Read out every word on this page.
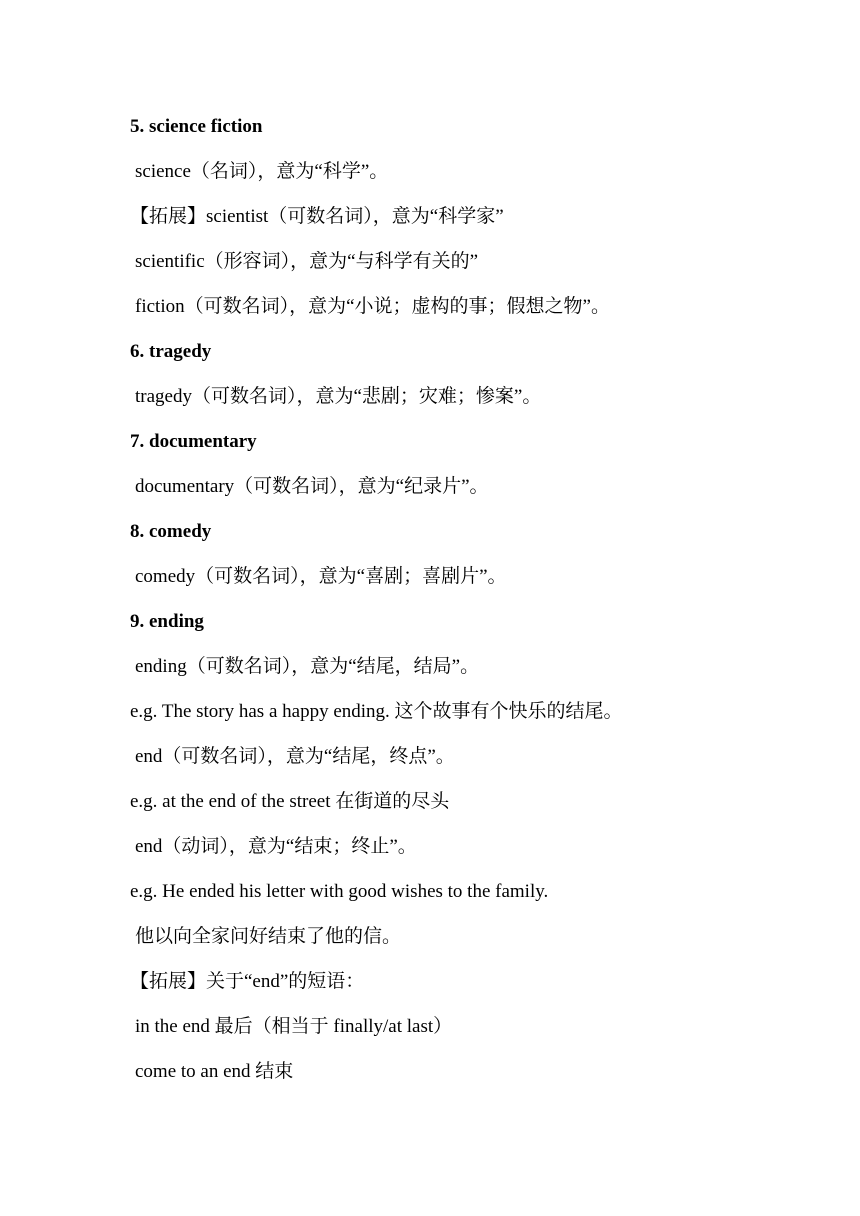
5. science fiction
science（名词），意为“科学”。
【拓展】scientist（可数名词），意为“科学家”
scientific（形容词），意为“与科学有关的”
fiction（可数名词），意为“小说；虚构的事；假想之物”。
6. tragedy
tragedy（可数名词），意为“悲剧；灾难；惨案”。
7. documentary
documentary（可数名词），意为“纪录片”。
8. comedy
comedy（可数名词），意为“喜剧；喜剧片”。
9. ending
ending（可数名词），意为“结尾，结局”。
e.g. The story has a happy ending. 这个故事有个快乐的结尾。
end（可数名词），意为“结尾，终点”。
e.g. at the end of the street 在街道的尽头
end（动词），意为“结束；终止”。
e.g. He ended his letter with good wishes to the family.
他以向全家问好结束了他的信。
【拓展】关于“end”的短语：
in the end 最后（相当于 finally/at last）
come to an end 结束
